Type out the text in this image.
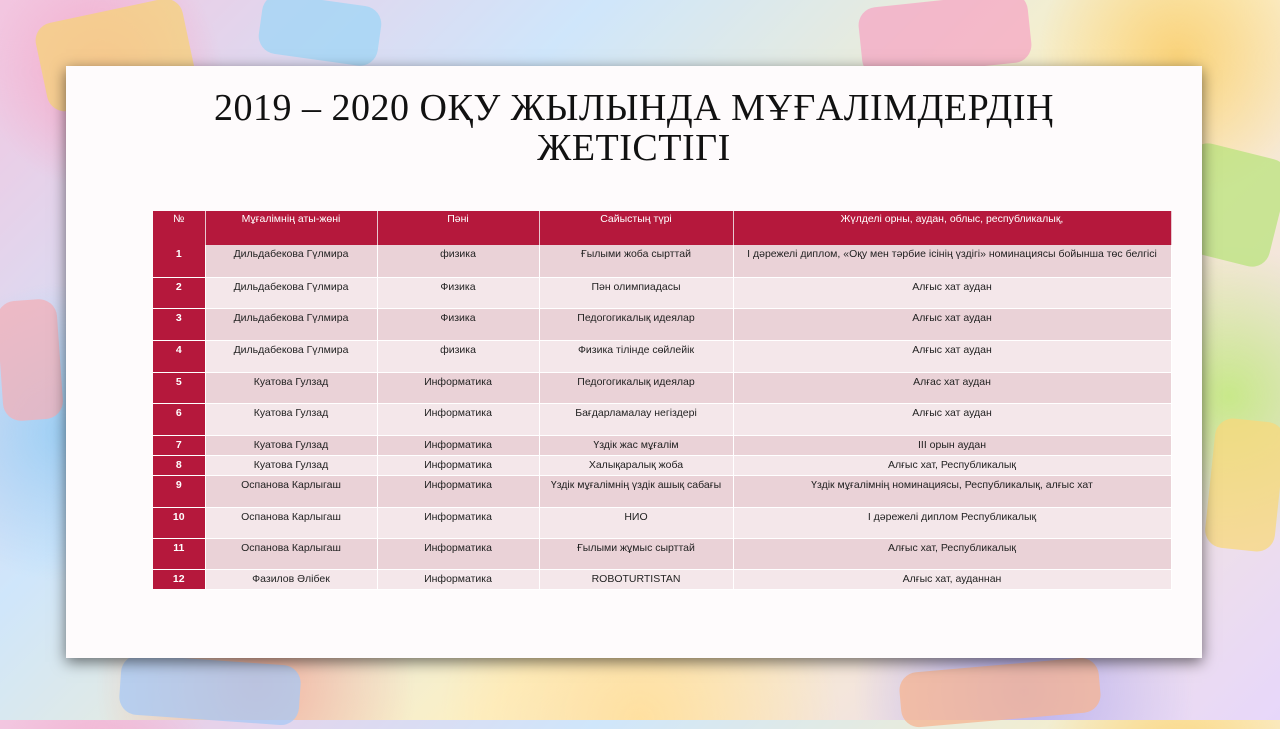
2019 – 2020 ОҚУ ЖЫЛЫНДА МҰҒАЛІМДЕРДІҢ
ЖЕТІСТІГІ
№	Мұғалімнің аты-жөні	Пәні	Сайыстың түрі	Жүлделі орны, аудан, облыс, республикалық,
1	Дильдабекова Гүлмира	физика	Ғылыми жоба сырттай	I дәрежелі диплом, «Оқу мен тәрбие ісінің үздігі» номинациясы бойынша төс белгісі
2	Дильдабекова Гүлмира	Физика	Пән олимпиадасы	Алғыс хат аудан
3	Дильдабекова Гүлмира	Физика	Педогогикалық идеялар	Алғыс хат аудан
4	Дильдабекова Гүлмира	физика	Физика тілінде сөйлейік	Алғыс хат аудан
5	Куатова Гулзад	Информатика	Педогогикалық идеялар	Алғас хат аудан
6	Куатова Гулзад	Информатика	Бағдарламалау негіздері	Алғыс хат аудан
7	Куатова Гулзад	Информатика	Үздік жас мұғалім	III орын аудан
8	Куатова Гулзад	Информатика	Халықаралық жоба	Алғыс хат, Республикалық
9	Оспанова Карлыгаш	Информатика	Үздік мұғалімнің үздік ашық сабағы	Үздік мұғалімнің номинациясы, Республикалық, алғыс хат
10	Оспанова Карлыгаш	Информатика	НИО	I дәрежелі диплом Республикалық
11	Оспанова Карлыгаш	Информатика	Ғылыми жұмыс сырттай	Алғыс хат, Республикалық
12	Фазилов Әлібек	Информатика	ROBOTURTISTAN	Алғыс хат, ауданнан
